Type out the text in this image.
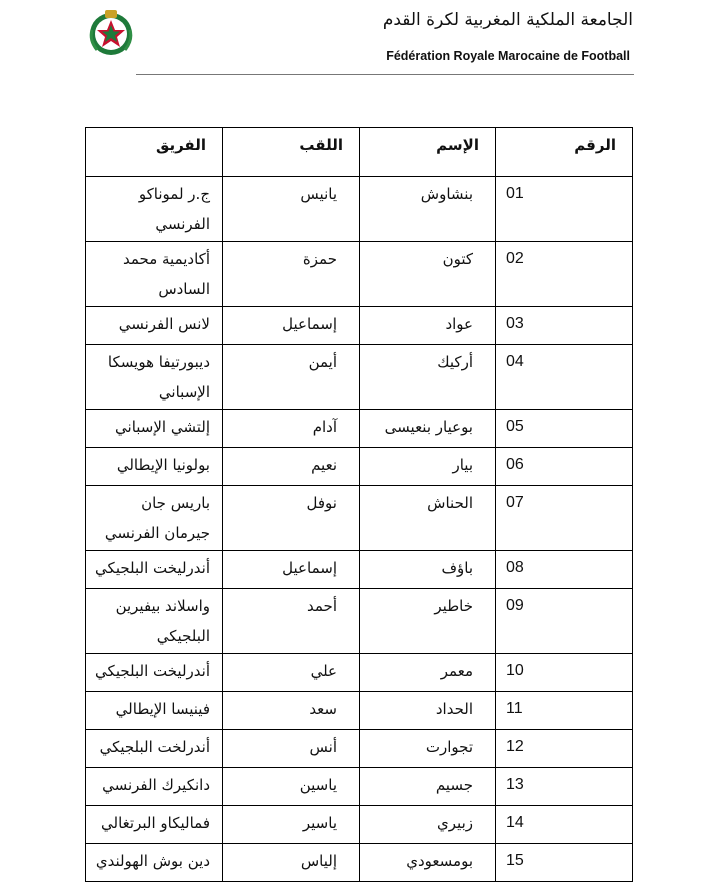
الجامعة الملكية المغربية لكرة القدم
Fédération Royale Marocaine de Football
الفريق	اللقب	الإسم	الرقم
ج.ر لموناكو الفرنسي	يانيس	بنشاوش	01
أكاديمية محمد السادس	حمزة	كتون	02
لانس الفرنسي	إسماعيل	عواد	03
ديبورتيفا هويسكا الإسباني	أيمن	أركيك	04
إلتشي الإسباني	آدام	بوعيار بنعيسى	05
بولونيا الإيطالي	نعيم	بيار	06
باريس جان جيرمان الفرنسي	نوفل	الحناش	07
أندرليخت البلجيكي	إسماعيل	باؤف	08
واسلاند بيفيرين البلجيكي	أحمد	خاطير	09
أندرليخت البلجيكي	علي	معمر	10
فينيسا الإيطالي	سعد	الحداد	11
أندرلخت البلجيكي	أنس	تجوارت	12
دانكيرك الفرنسي	ياسين	جسيم	13
فماليكاو البرتغالي	ياسير	زبيري	14
دين بوش الهولندي	إلياس	بومسعودي	15
